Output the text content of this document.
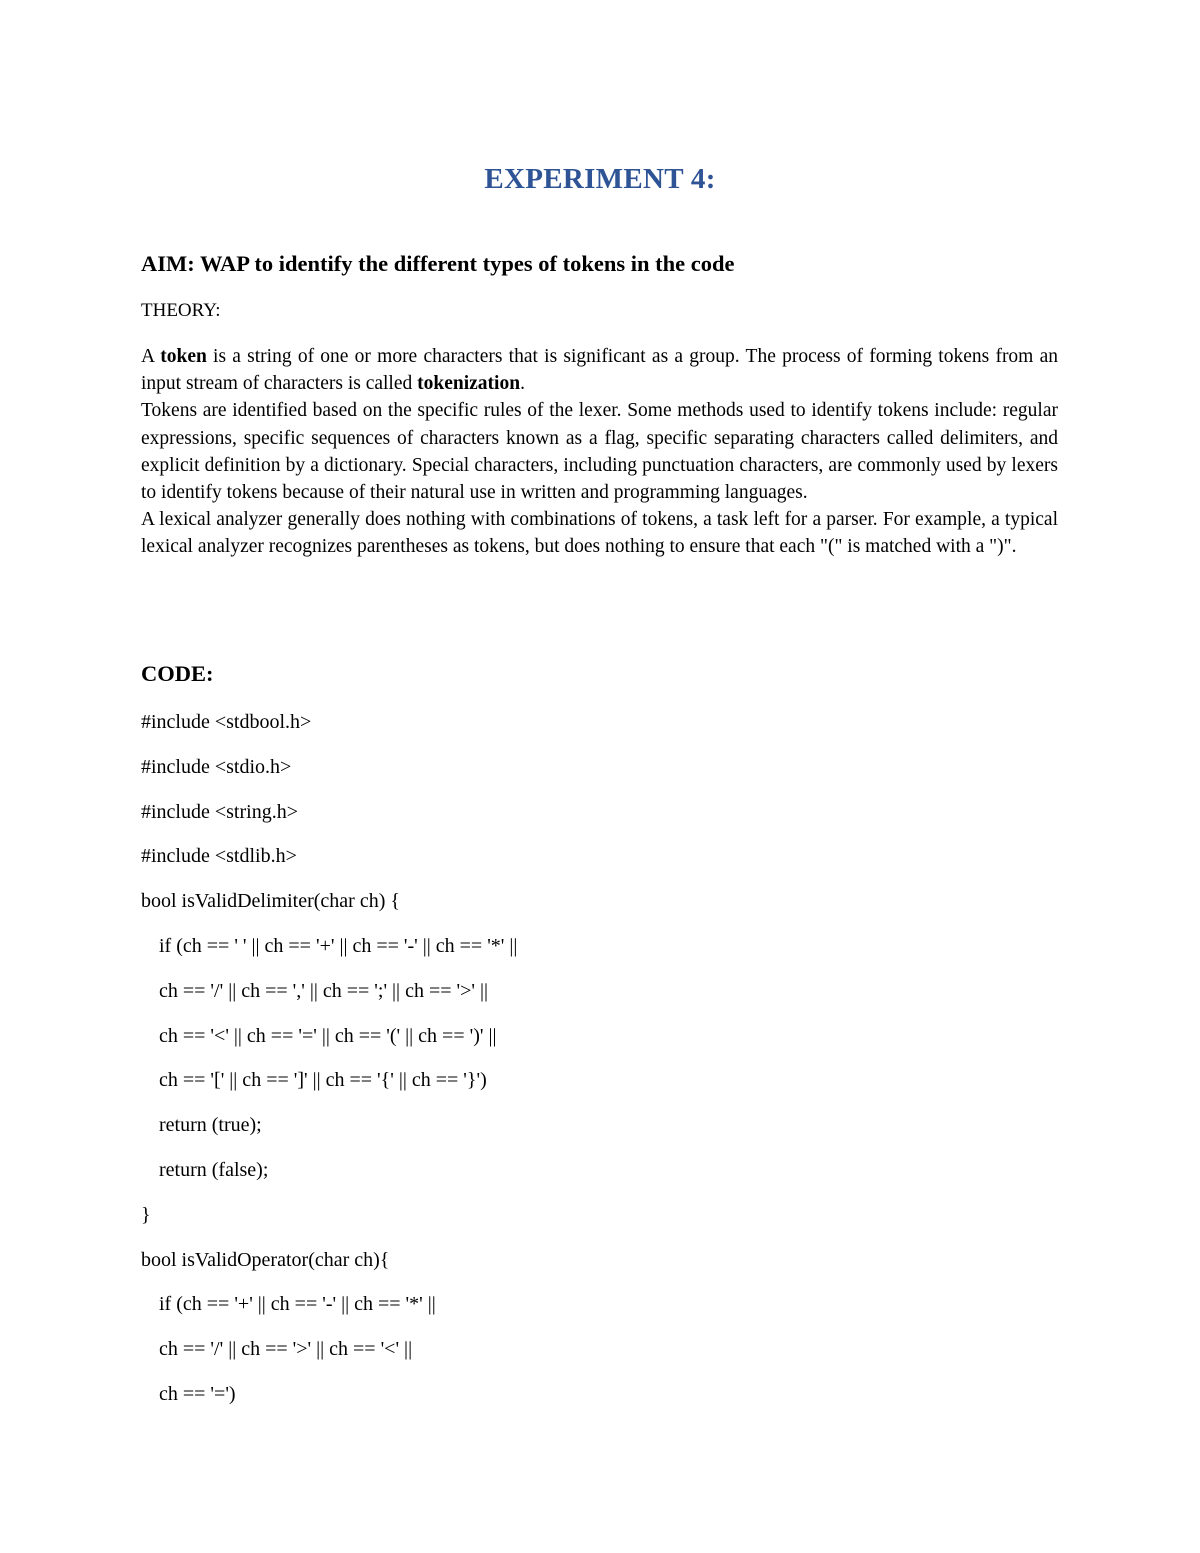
EXPERIMENT 4:
AIM: WAP to identify the different types of tokens in the code
THEORY:

A token is a string of one or more characters that is significant as a group. The process of forming tokens from an input stream of characters is called tokenization.

Tokens are identified based on the specific rules of the lexer. Some methods used to identify tokens include: regular expressions, specific sequences of characters known as a flag, specific separating characters called delimiters, and explicit definition by a dictionary. Special characters, including punctuation characters, are commonly used by lexers to identify tokens because of their natural use in written and programming languages.

A lexical analyzer generally does nothing with combinations of tokens, a task left for a parser. For example, a typical lexical analyzer recognizes parentheses as tokens, but does nothing to ensure that each "(" is matched with a ")".

CODE:
#include <stdbool.h>
#include <stdio.h>
#include <string.h>
#include <stdlib.h>
bool isValidDelimiter(char ch) {
if (ch == ' ' || ch == '+' || ch == '-' || ch == '*' ||
ch == '/' || ch == ',' || ch == ';' || ch == '>' ||
ch == '<' || ch == '=' || ch == '(' || ch == ')' ||
ch == '[' || ch == ']' || ch == '{' || ch == '}')
return (true);
return (false);
}
bool isValidOperator(char ch){
if (ch == '+' || ch == '-' || ch == '*' ||
ch == '/' || ch == '>' || ch == '<' ||
ch == '=')
